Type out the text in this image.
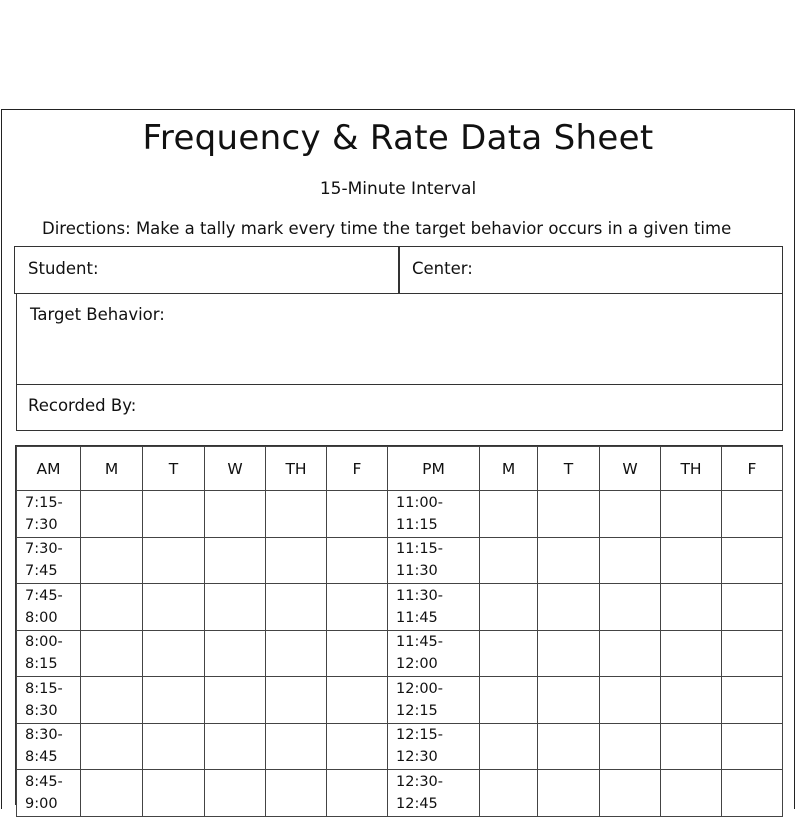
Frequency & Rate Data Sheet
15-Minute Interval
Directions: Make a tally mark every time the target behavior occurs in a given time
Student:	Center:
Target Behavior:
Recorded By:
AM	M	T	W	TH	F	PM	M	T	W	TH	F

7:15-
7:30						11:00-
11:15					

7:30-
7:45						11:15-
11:30					

7:45-
8:00						11:30-
11:45					

8:00-
8:15						11:45-
12:00					

8:15-
8:30						12:00-
12:15					

8:30-
8:45						12:15-
12:30					

8:45-
9:00						12:30-
12:45					
